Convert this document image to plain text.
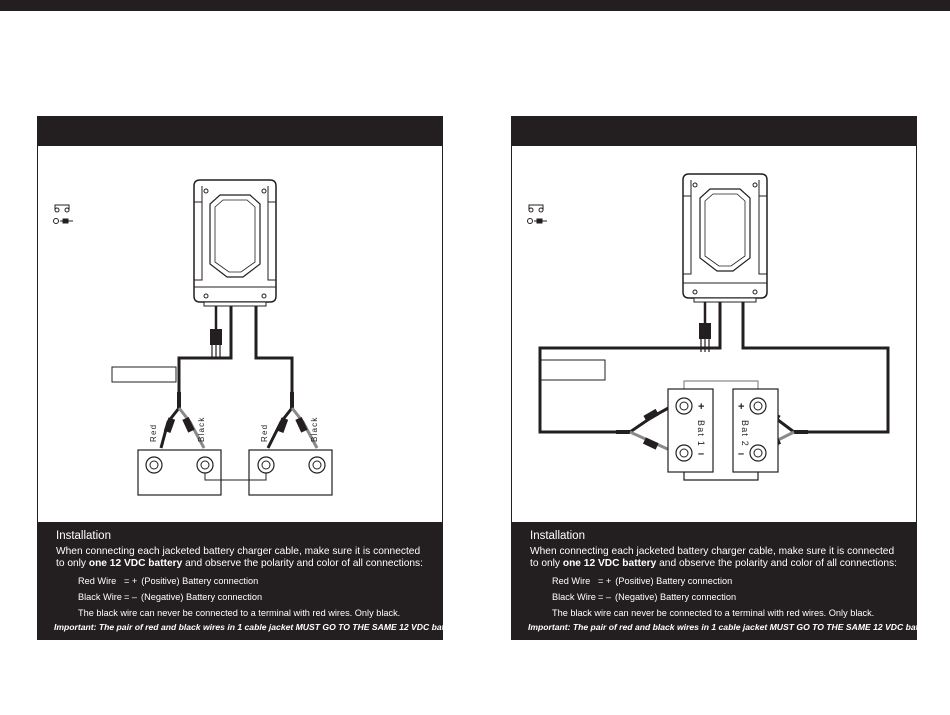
Red	Black	Red	Black
Installation
When connecting each jacketed battery charger cable, make sure it is connected
to only one 12 VDC battery and observe the polarity and color of all connections:
Red Wire = + (Positive) Battery connection
Black Wire = – (Negative) Battery connection
The black wire can never be connected to a terminal with red wires. Only black.
Important: The pair of red and black wires in 1 cable jacket MUST GO TO THE SAME 12 VDC battery.
+
–
Bat 1
+
–
Bat 2
Installation
When connecting each jacketed battery charger cable, make sure it is connected
to only one 12 VDC battery and observe the polarity and color of all connections:
Red Wire = + (Positive) Battery connection
Black Wire = – (Negative) Battery connection
The black wire can never be connected to a terminal with red wires. Only black.
Important: The pair of red and black wires in 1 cable jacket MUST GO TO THE SAME 12 VDC battery.
